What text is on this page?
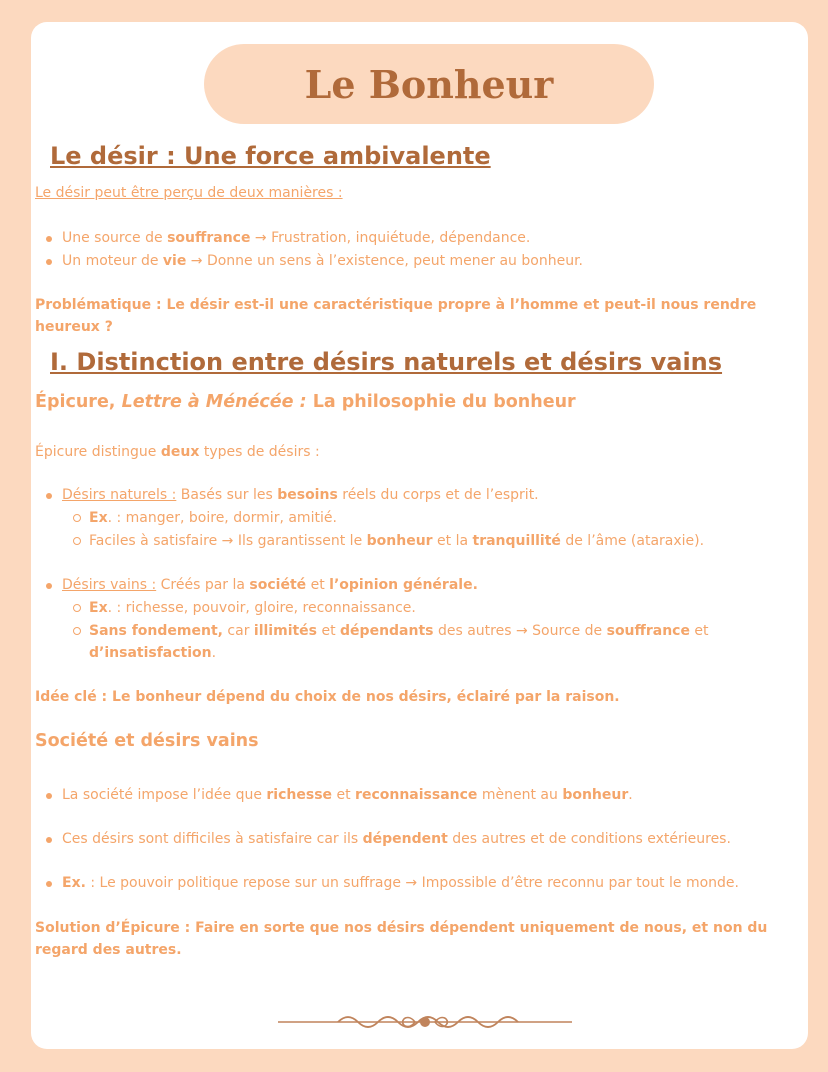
Le Bonheur
Le désir : Une force ambivalente
Le désir peut être perçu de deux manières :
Une source de souffrance → Frustration, inquiétude, dépendance.
Un moteur de vie → Donne un sens à l’existence, peut mener au bonheur.
Problématique : Le désir est-il une caractéristique propre à l’homme et peut-il nous rendre heureux ?
I. Distinction entre désirs naturels et désirs vains
Épicure, Lettre à Ménécée : La philosophie du bonheur
Épicure distingue deux types de désirs :
Désirs naturels : Basés sur les besoins réels du corps et de l’esprit.
Ex. : manger, boire, dormir, amitié.
Faciles à satisfaire → Ils garantissent le bonheur et la tranquillité de l’âme (ataraxie).
Désirs vains : Créés par la société et l’opinion générale.
Ex. : richesse, pouvoir, gloire, reconnaissance.
Sans fondement, car illimités et dépendants des autres → Source de souffrance et
d’insatisfaction.
Idée clé : Le bonheur dépend du choix de nos désirs, éclairé par la raison.
Société et désirs vains
La société impose l’idée que richesse et reconnaissance mènent au bonheur.
Ces désirs sont difficiles à satisfaire car ils dépendent des autres et de conditions extérieures.
Ex. : Le pouvoir politique repose sur un suffrage → Impossible d’être reconnu par tout le monde.
Solution d’Épicure : Faire en sorte que nos désirs dépendent uniquement de nous, et non du regard des autres.
